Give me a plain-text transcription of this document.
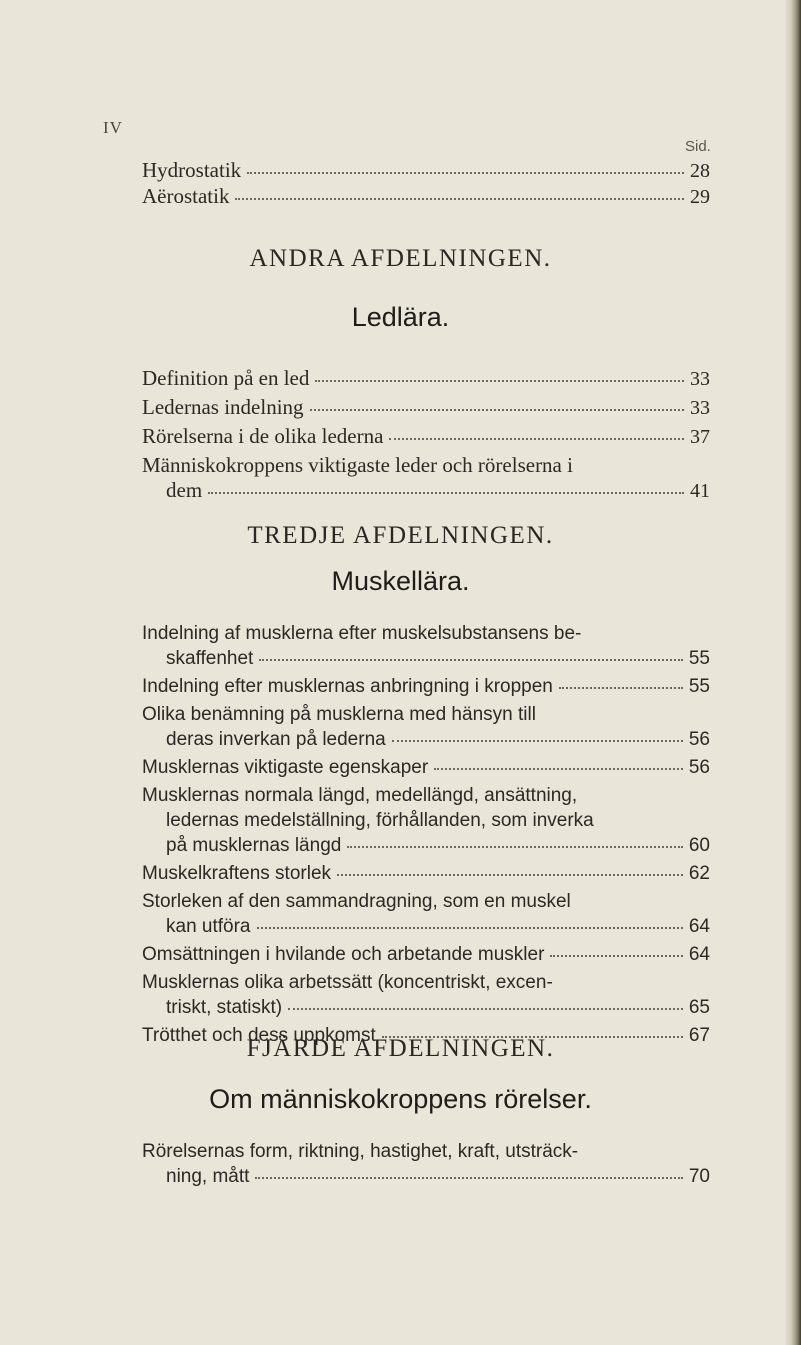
IV
Sid.
Hydrostatik	28
Aërostatik	29
ANDRA AFDELNINGEN.
Ledlära.
Definition på en led	33
Ledernas indelning	33
Rörelserna i de olika lederna	37
Människokroppens viktigaste leder och rörelserna i
dem	41
TREDJE AFDELNINGEN.
Muskellära.
Indelning af musklerna efter muskelsubstansens be-
skaffenhet	55
Indelning efter musklernas anbringning i kroppen	55
Olika benämning på musklerna med hänsyn till
deras inverkan på lederna	56
Musklernas viktigaste egenskaper	56
Musklernas normala längd, medellängd, ansättning,
ledernas medelställning, förhållanden, som inverka
på musklernas längd	60
Muskelkraftens storlek	62
Storleken af den sammandragning, som en muskel
kan utföra	64
Omsättningen i hvilande och arbetande muskler	64
Musklernas olika arbetssätt (koncentriskt, excen-
triskt, statiskt)	65
Trötthet och dess uppkomst	67
FJÄRDE AFDELNINGEN.
Om människokroppens rörelser.
Rörelsernas form, riktning, hastighet, kraft, utsträck-
ning, mått	70
